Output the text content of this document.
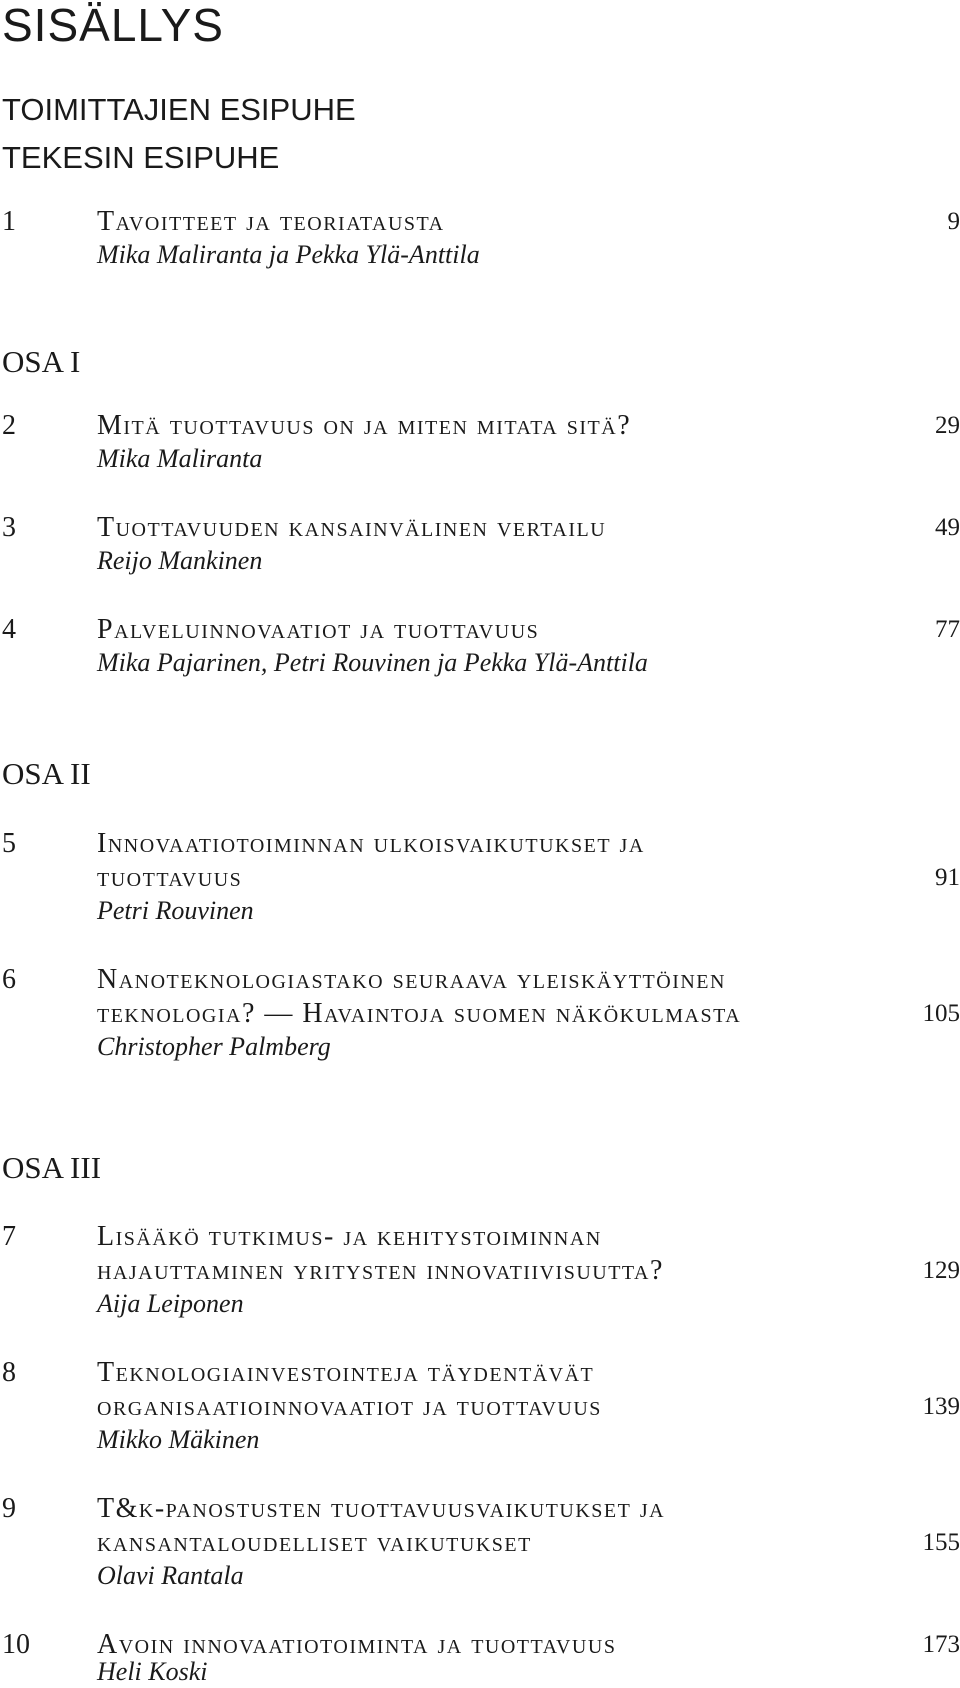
SISÄLLYS
TOIMITTAJIEN ESIPUHE
TEKESIN ESIPUHE
1	Tavoitteet ja teoriatausta
Mika Maliranta ja Pekka Ylä-Anttila
9
OSA I
2	Mitä tuottavuus on ja miten mitata sitä?
Mika Maliranta
29
3	Tuottavuuden kansainvälinen vertailu
Reijo Mankinen
49
4	Palveluinnovaatiot ja tuottavuus
Mika Pajarinen, Petri Rouvinen ja Pekka Ylä-Anttila
77
OSA II
5	Innovaatiotoiminnan ulkoisvaikutukset ja
tuottavuus
Petri Rouvinen
91
6	Nanoteknologiastako seuraava yleiskäyttöinen
teknologia? — Havaintoja suomen näkökulmasta
Christopher Palmberg
105
OSA III
7	Lisääkö tutkimus- ja kehitystoiminnan
hajauttaminen yritysten innovatiivisuutta?
Aija Leiponen
129
8	Teknologiainvestointeja täydentävät
organisaatioinnovaatiot ja tuottavuus
Mikko Mäkinen
139
9	T&k-panostusten tuottavuusvaikutukset ja
kansantaloudelliset vaikutukset
Olavi Rantala
155
10 Avoin innovaatiotoiminta ja tuottavuus
Heli Koski
173
